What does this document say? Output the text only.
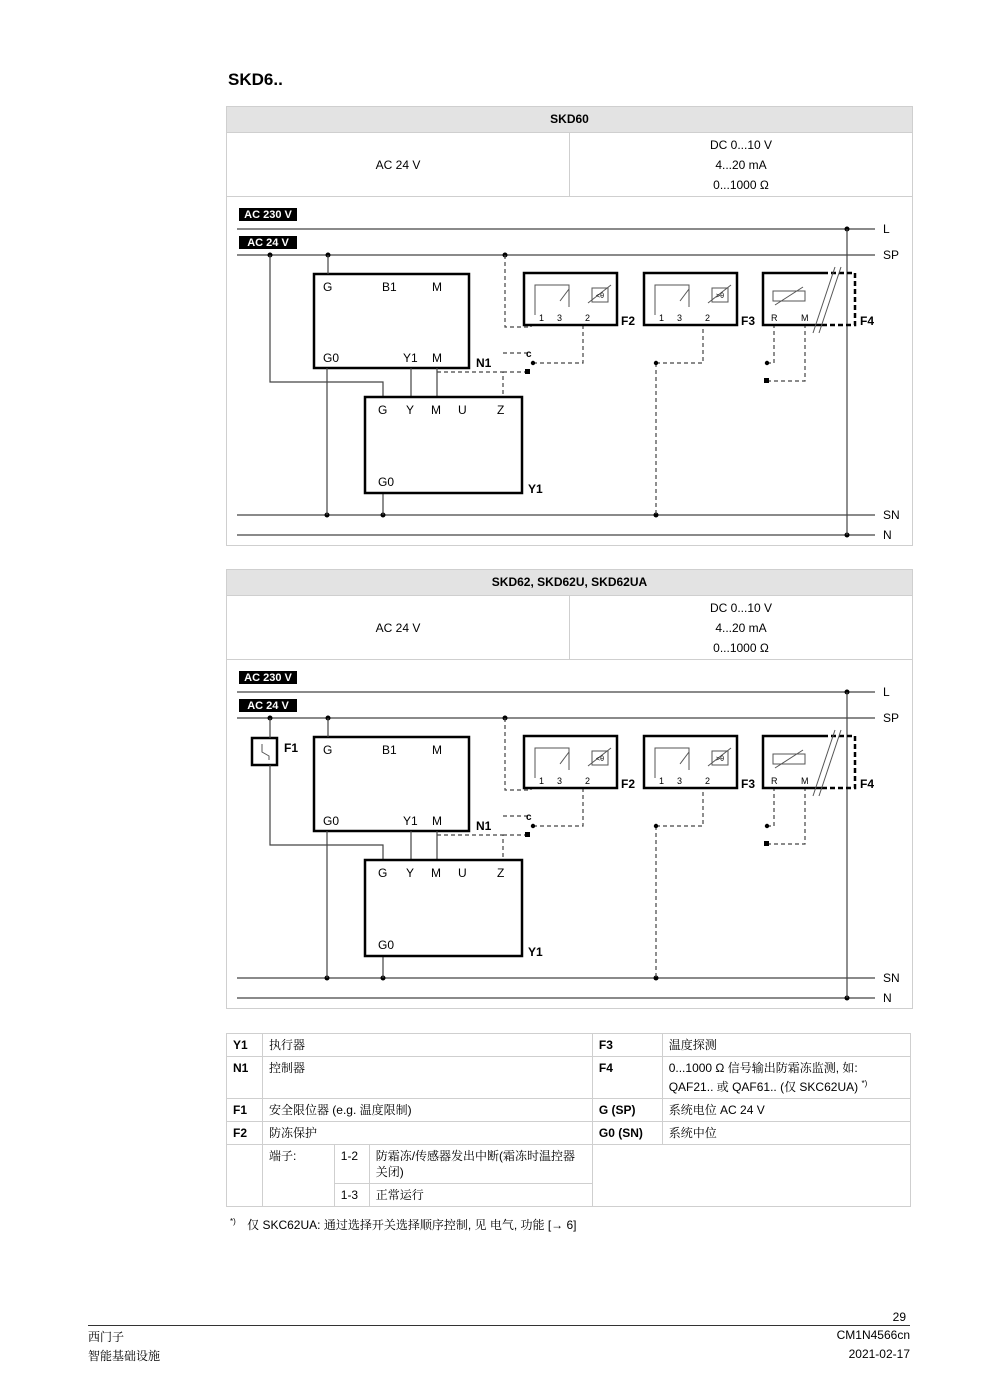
SKD6..
SKD60
AC 24 V
DC 0...10 V
4...20 mA
0...1000 Ω
AC 230 V
AC 24 V
L
SP
SN
N
G	B1	M
G0	Y1 M	N1
c
G Y M U	Z
G0	Y1
<θ
1 3	2	F2
>θ
1 3	2	F3 R	M	F4
SKD62, SKD62U, SKD62UA
AC 24 V
DC 0...10 V
4...20 mA
0...1000 Ω
AC 230 V
AC 24 V
L
SP
SN
N
F1 G	B1	M
G0	Y1 M	N1
c
G Y M U	Z
G0	Y1
<θ
1 3	2	F2
>θ
1 3	2	F3 R	M	F4
Y1	执行器			F3	温度探测
N1	控制器			F4	0...1000 Ω 信号输出防霜冻监测, 如:
QAF21.. 或 QAF61.. (仅 SKC62UA) *)

F1	安全限位器 (e.g. 温度限制)			G (SP)	系统电位 AC 24 V
F2	防冻保护			G0 (SN)	系统中位
	端子:	1-2	防霜冻/传感器发出中断(霜冻时温控器关闭)		
		1-3	正常运行		
*) 仅 SKC62UA: 通过选择开关选择顺序控制, 见 电气, 功能 [→ 6]
29
西门子
智能基础设施
CM1N4566cn
2021-02-17
